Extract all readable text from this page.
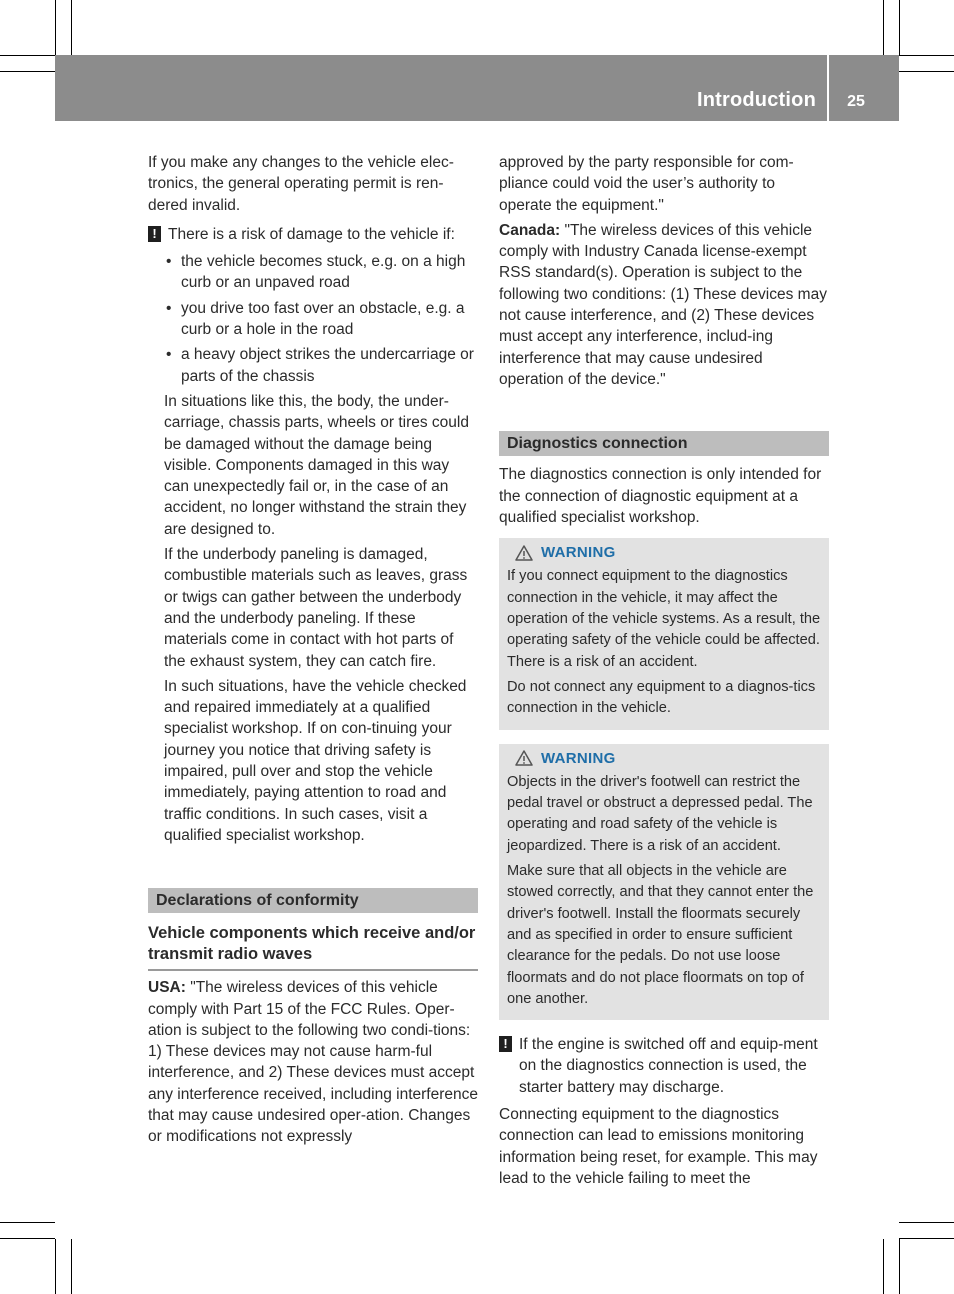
Introduction	25

If you make any changes to the vehicle elec-tronics, the general operating permit is ren-dered invalid.

! There is a risk of damage to the vehicle if:
• the vehicle becomes stuck, e.g. on a high curb or an unpaved road
• you drive too fast over an obstacle, e.g. a curb or a hole in the road
• a heavy object strikes the undercarriage or parts of the chassis

In situations like this, the body, the under-carriage, chassis parts, wheels or tires could be damaged without the damage being visible. Components damaged in this way can unexpectedly fail or, in the case of an accident, no longer withstand the strain they are designed to.

If the underbody paneling is damaged, combustible materials such as leaves, grass or twigs can gather between the underbody and the underbody paneling. If these materials come in contact with hot parts of the exhaust system, they can catch fire.

In such situations, have the vehicle checked and repaired immediately at a qualified specialist workshop. If on con-tinuing your journey you notice that driving safety is impaired, pull over and stop the vehicle immediately, paying attention to road and traffic conditions. In such cases, visit a qualified specialist workshop.

Declarations of conformity
Vehicle components which receive and/or transmit radio waves

USA: "The wireless devices of this vehicle comply with Part 15 of the FCC Rules. Oper-ation is subject to the following two condi-tions: 1) These devices may not cause harm-ful interference, and 2) These devices must accept any interference received, including interference that may cause undesired oper-ation. Changes or modifications not expressly

approved by the party responsible for com-pliance could void the user’s authority to operate the equipment."

Canada: "The wireless devices of this vehicle comply with Industry Canada license-exempt RSS standard(s). Operation is subject to the following two conditions: (1) These devices may not cause interference, and (2) These devices must accept any interference, includ-ing interference that may cause undesired operation of the device."

Diagnostics connection

The diagnostics connection is only intended for the connection of diagnostic equipment at a qualified specialist workshop.

WARNING

If you connect equipment to the diagnostics connection in the vehicle, it may affect the operation of the vehicle systems. As a result, the operating safety of the vehicle could be affected. There is a risk of an accident.

Do not connect any equipment to a diagnos-tics connection in the vehicle.

WARNING

Objects in the driver's footwell can restrict the pedal travel or obstruct a depressed pedal. The operating and road safety of the vehicle is jeopardized. There is a risk of an accident.

Make sure that all objects in the vehicle are stowed correctly, and that they cannot enter the driver's footwell. Install the floormats securely and as specified in order to ensure sufficient clearance for the pedals. Do not use loose floormats and do not place floormats on top of one another.

! If the engine is switched off and equip-ment on the diagnostics connection is used, the starter battery may discharge.

Connecting equipment to the diagnostics connection can lead to emissions monitoring information being reset, for example. This may lead to the vehicle failing to meet the
